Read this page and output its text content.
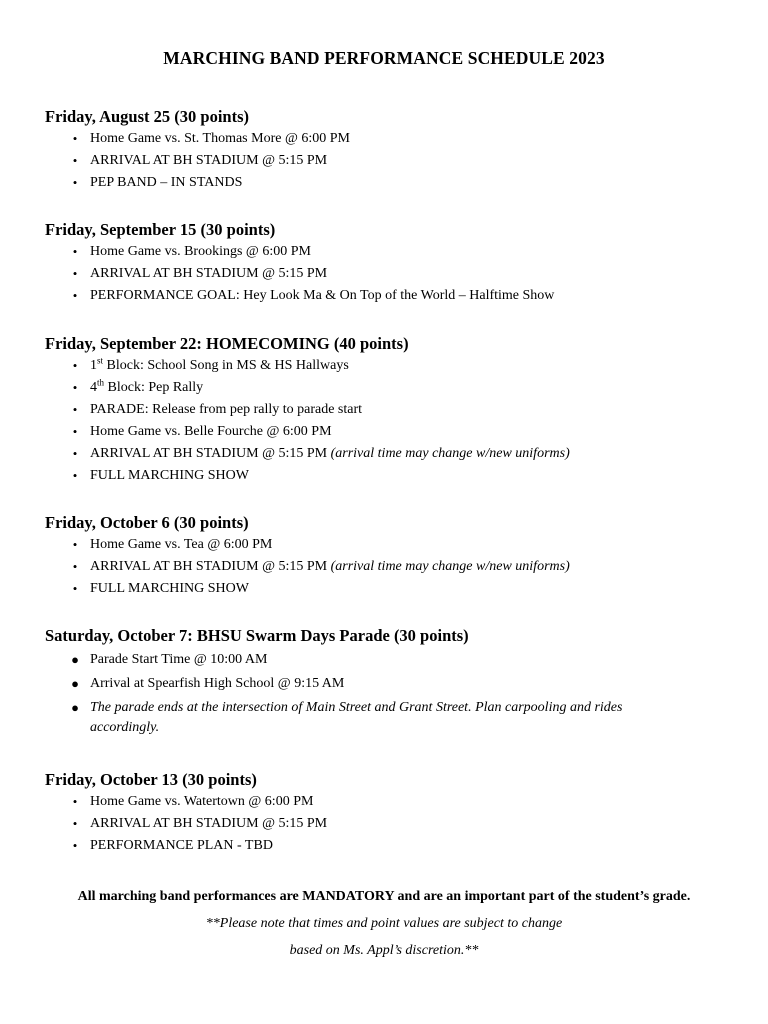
MARCHING BAND PERFORMANCE SCHEDULE 2023
Friday, August 25 (30 points)
• Home Game vs. St. Thomas More @ 6:00 PM
• ARRIVAL AT BH STADIUM @ 5:15 PM
• PEP BAND – IN STANDS
Friday, September 15 (30 points)
• Home Game vs. Brookings @ 6:00 PM
• ARRIVAL AT BH STADIUM @ 5:15 PM
• PERFORMANCE GOAL: Hey Look Ma & On Top of the World – Halftime Show
Friday, September 22: HOMECOMING (40 points)
• 1st Block: School Song in MS & HS Hallways
• 4th Block: Pep Rally
• PARADE: Release from pep rally to parade start
• Home Game vs. Belle Fourche @ 6:00 PM
• ARRIVAL AT BH STADIUM @ 5:15 PM (arrival time may change w/new uniforms)
• FULL MARCHING SHOW
Friday, October 6 (30 points)
• Home Game vs. Tea @ 6:00 PM
• ARRIVAL AT BH STADIUM @ 5:15 PM (arrival time may change w/new uniforms)
• FULL MARCHING SHOW
Saturday, October 7: BHSU Swarm Days Parade (30 points)
● Parade Start Time @ 10:00 AM
● Arrival at Spearfish High School @ 9:15 AM
● The parade ends at the intersection of Main Street and Grant Street. Plan carpooling and rides accordingly.
Friday, October 13 (30 points)
• Home Game vs. Watertown @ 6:00 PM
• ARRIVAL AT BH STADIUM @ 5:15 PM
• PERFORMANCE PLAN - TBD
All marching band performances are MANDATORY and are an important part of the student’s grade.
**Please note that times and point values are subject to change
based on Ms. Appl’s discretion.**
